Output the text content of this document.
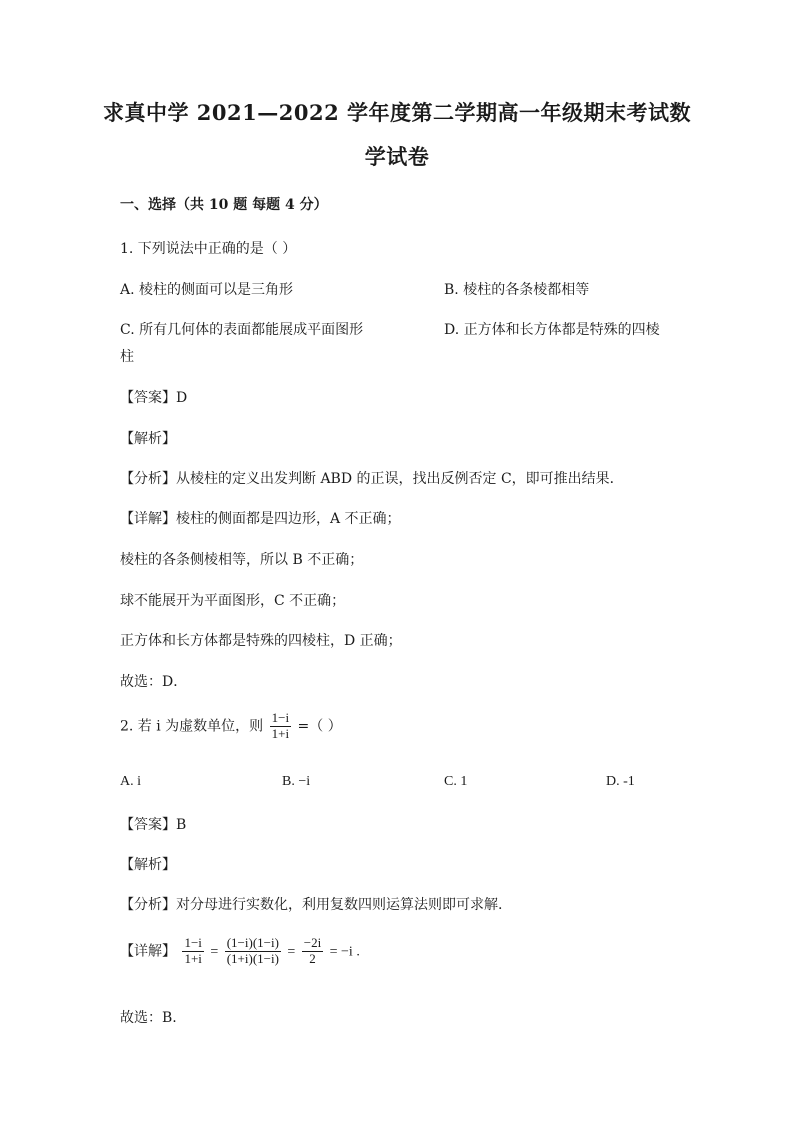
求真中学 2021—2022 学年度第二学期高一年级期末考试数
学试卷
一、选择（共 10 题 每题 4 分）
1. 下列说法中正确的是（ ）
A. 棱柱的侧面可以是三角形	B. 棱柱的各条棱都相等
C. 所有几何体的表面都能展成平面图形	D. 正方体和长方体都是特殊的四棱
柱
【答案】D
【解析】
【分析】从棱柱的定义出发判断 ABD 的正误，找出反例否定 C，即可推出结果．
【详解】棱柱的侧面都是四边形，A 不正确；
棱柱的各条侧棱相等，所以 B 不正确；
球不能展开为平面图形，C 不正确；
正方体和长方体都是特殊的四棱柱，D 正确；
故选：D．
2. 若 i 为虚数单位，则 $\frac{1-i}{1+i}$ =（ ）
A. i	B. −i	C. 1	D. -1
【答案】B
【解析】
【分析】对分母进行实数化，利用复数四则运算法则即可求解.
【详解】 $\frac{1-i}{1+i} = \frac{(1-i)(1-i)}{(1+i)(1-i)} = \frac{-2i}{2} = -i$ .
故选：B.
